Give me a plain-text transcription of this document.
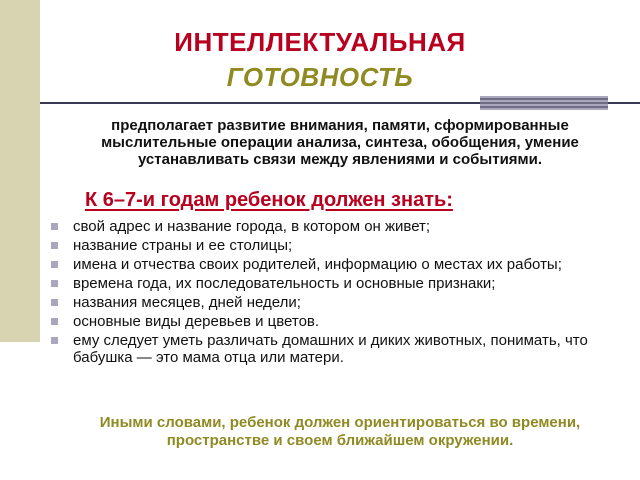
ИНТЕЛЛЕКТУАЛЬНАЯ
ГОТОВНОСТЬ
предполагает развитие внимания, памяти, сформированные мыслительные операции анализа, синтеза, обобщения, умение устанавливать связи между явлениями и событиями.
К 6–7-и годам ребенок должен знать:
свой адрес и название города, в котором он живет;
название страны и ее столицы;
имена и отчества своих родителей, информацию о местах их работы;
времена года, их последовательность и основные признаки;
названия месяцев, дней недели;
основные виды деревьев и цветов.
ему следует уметь различать домашних и диких животных, понимать, что бабушка — это мама отца или матери.
Иными словами, ребенок должен ориентироваться во времени, пространстве и своем ближайшем окружении.
